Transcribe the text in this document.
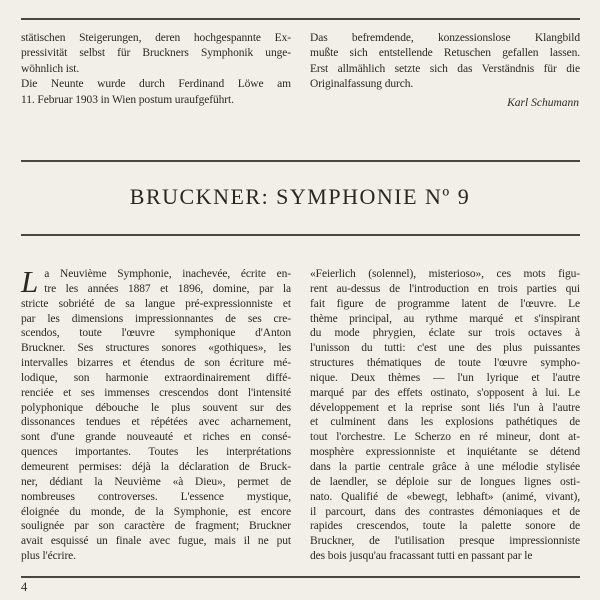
stätischen Steigerungen, deren hochgespannte Ex-
pressivität selbst für Bruckners Symphonik unge-
wöhnlich ist.
Die Neunte wurde durch Ferdinand Löwe am
11. Februar 1903 in Wien postum uraufgeführt.
Das befremdende, konzessionslose Klangbild
mußte sich entstellende Retuschen gefallen lassen.
Erst allmählich setzte sich das Verständnis für die
Originalfassung durch.
Karl Schumann
BRUCKNER: SYMPHONIE Nº 9
L a Neuvième Symphonie, inachevée, écrite en-
tre les années 1887 et 1896, domine, par la
stricte sobriété de sa langue pré-expressionniste et
par les dimensions impressionnantes de ses cre-
scendos, toute l'œuvre symphonique d'Anton
Bruckner. Ses structures sonores «gothiques», les
intervalles bizarres et étendus de son écriture mé-
lodique, son harmonie extraordinairement diffé-
renciée et ses immenses crescendos dont l'intensité
polyphonique débouche le plus souvent sur des
dissonances tendues et répétées avec acharnement,
sont d'une grande nouveauté et riches en consé-
quences importantes. Toutes les interprétations
demeurent permises: déjà la déclaration de Bruck-
ner, dédiant la Neuvième «à Dieu», permet de
nombreuses controverses. L'essence mystique,
éloignée du monde, de la Symphonie, est encore
soulignée par son caractère de fragment; Bruckner
avait esquissé un finale avec fugue, mais il ne put
plus l'écrire.
«Feierlich (solennel), misterioso», ces mots figu-
rent au-dessus de l'introduction en trois parties qui
fait figure de programme latent de l'œuvre. Le
thème principal, au rythme marqué et s'inspirant
du mode phrygien, éclate sur trois octaves à
l'unisson du tutti: c'est une des plus puissantes
structures thématiques de toute l'œuvre sympho-
nique. Deux thèmes — l'un lyrique et l'autre
marqué par des effets ostinato, s'opposent à lui. Le
développement et la reprise sont liés l'un à l'autre
et culminent dans les explosions pathétiques de
tout l'orchestre. Le Scherzo en ré mineur, dont at-
mosphère expressionniste et inquiétante se détend
dans la partie centrale grâce à une mélodie stylisée
de laendler, se déploie sur de longues lignes osti-
nato. Qualifié de «bewegt, lebhaft» (animé, vivant),
il parcourt, dans des contrastes démoniaques et de
rapides crescendos, toute la palette sonore de
Bruckner, de l'utilisation presque impressionniste
des bois jusqu'au fracassant tutti en passant par le
4
